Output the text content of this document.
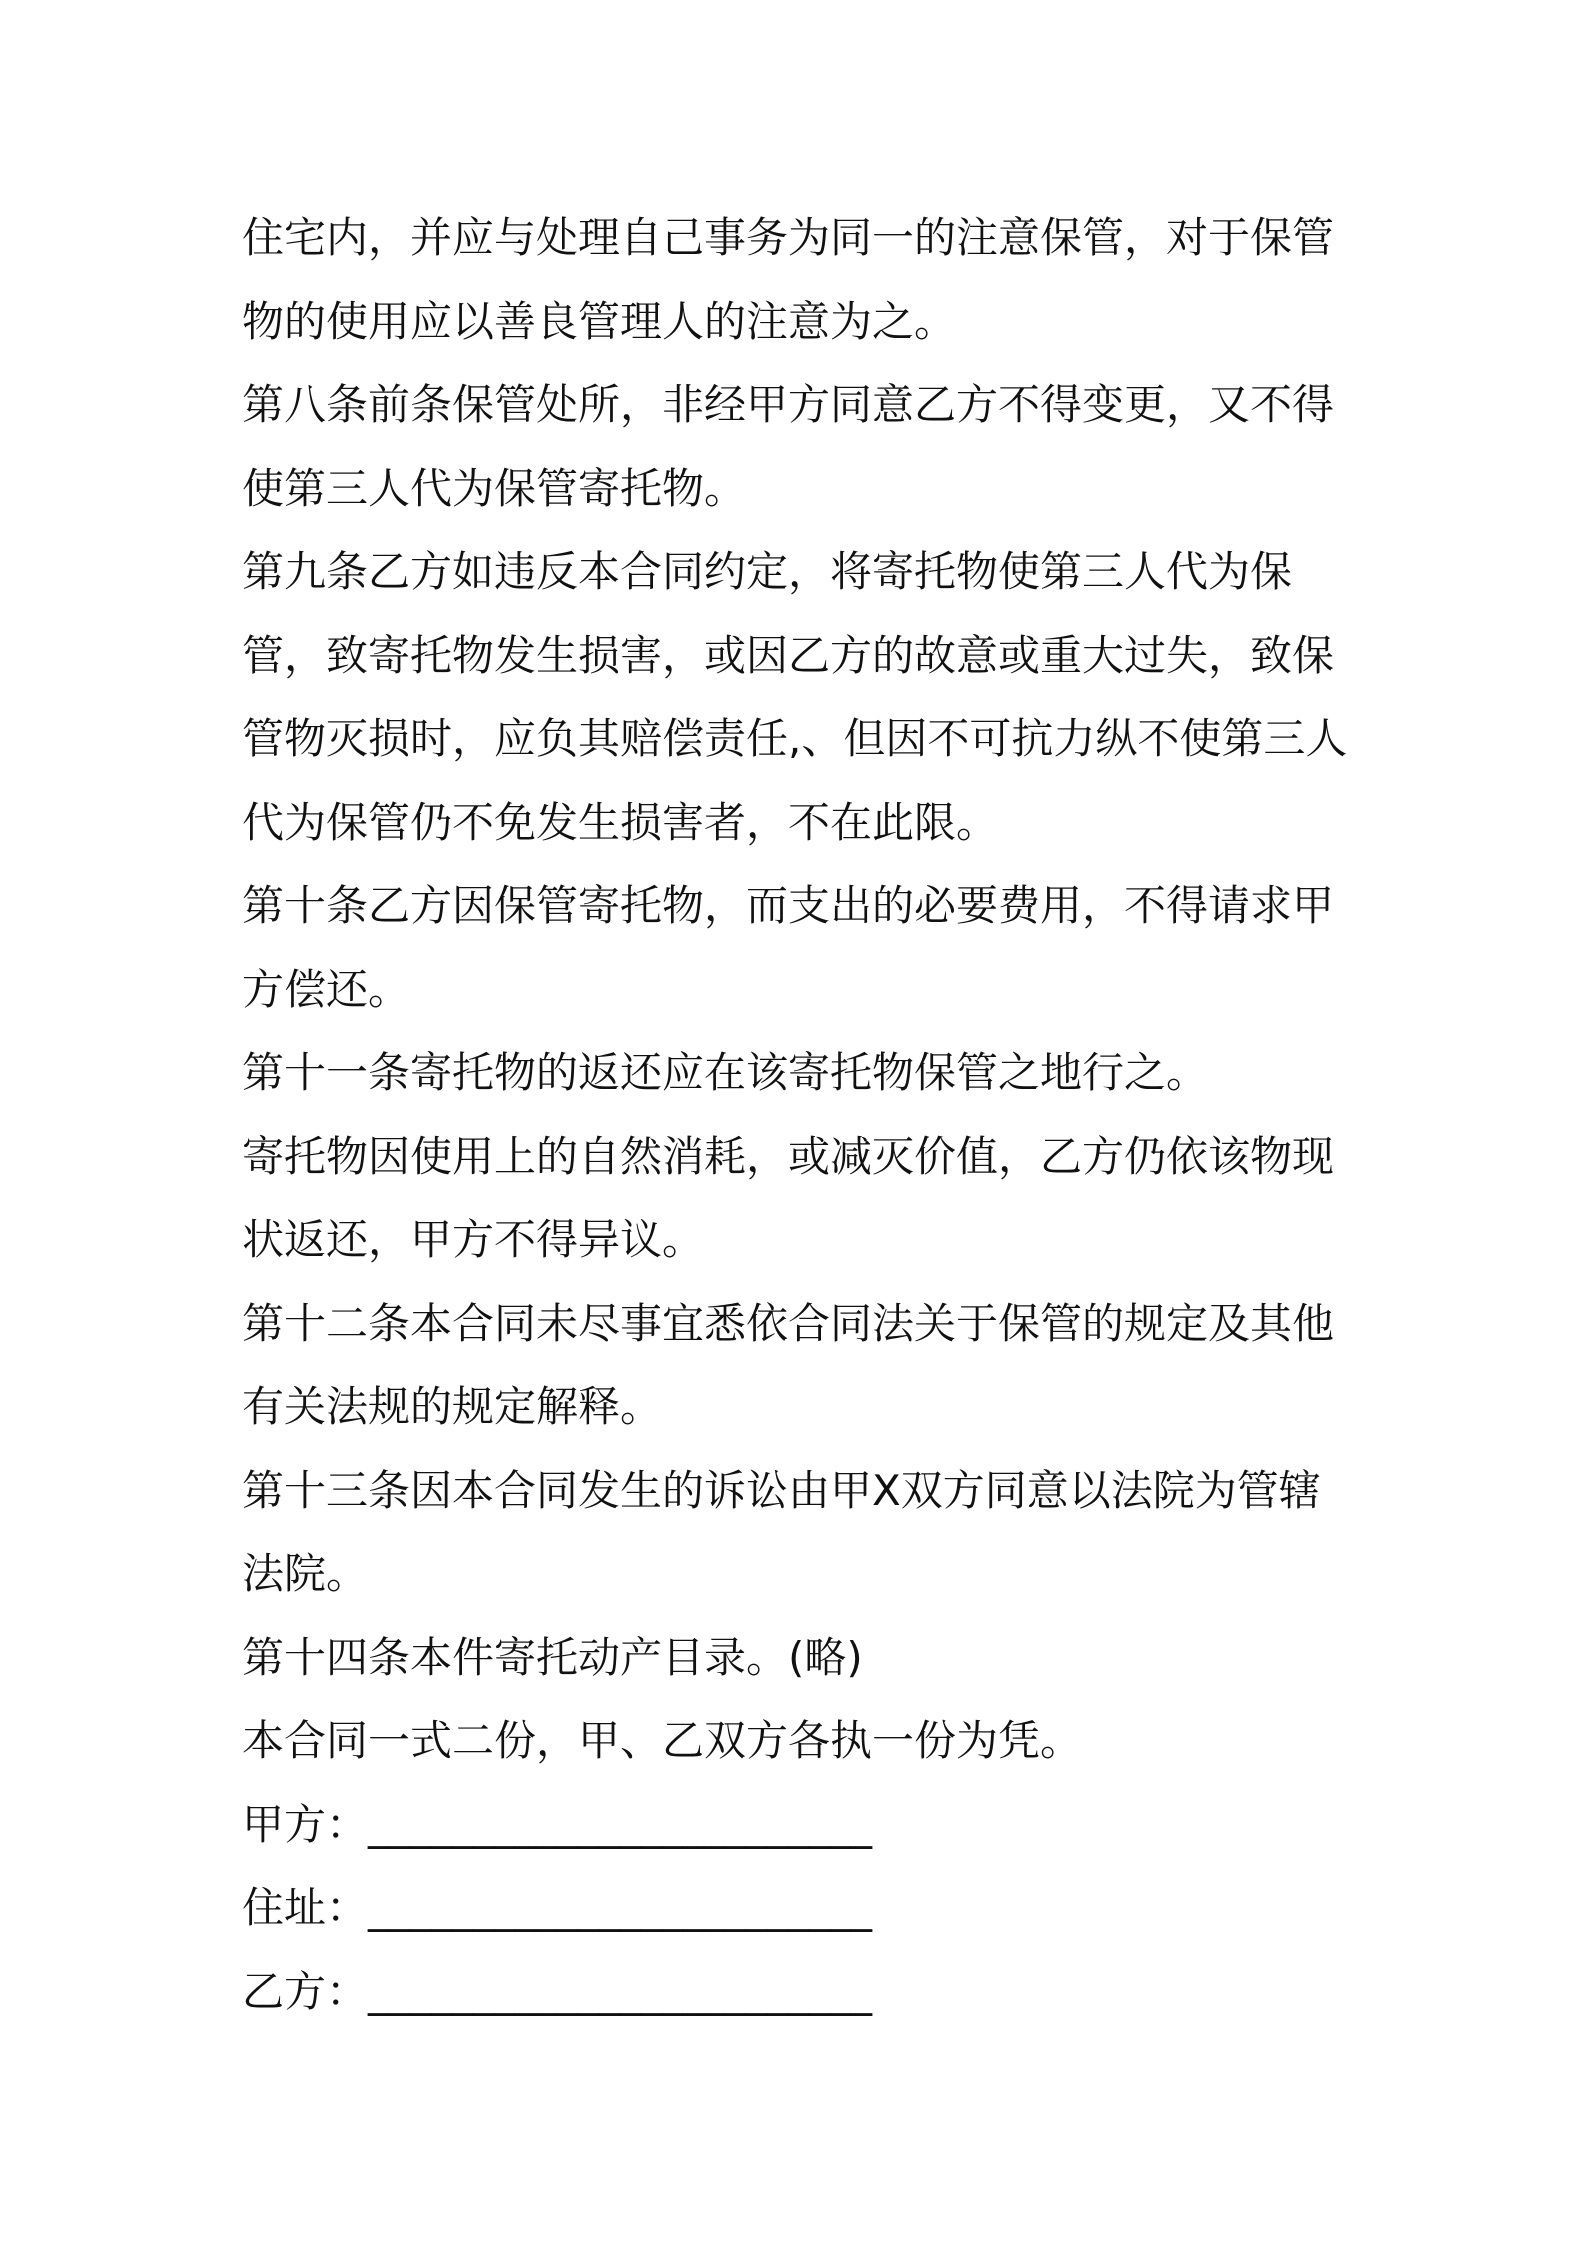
住宅内，并应与处理自己事务为同一的注意保管，对于保管物的使用应以善良管理人的注意为之。

第八条前条保管处所，非经甲方同意乙方不得变更，又不得使第三人代为保管寄托物。

第九条乙方如违反本合同约定，将寄托物使第三人代为保管，致寄托物发生损害，或因乙方的故意或重大过失，致保管物灭损时，应负其赔偿责任,、但因不可抗力纵不使第三人代为保管仍不免发生损害者，不在此限。

第十条乙方因保管寄托物，而支出的必要费用，不得请求甲方偿还。

第十一条寄托物的返还应在该寄托物保管之地行之。

寄托物因使用上的自然消耗，或减灭价值，乙方仍依该物现状返还，甲方不得异议。

第十二条本合同未尽事宜悉依合同法关于保管的规定及其他有关法规的规定解释。

第十三条因本合同发生的诉讼由甲X双方同意以法院为管辖法院。

第十四条本件寄托动产目录。(略)

本合同一式二份，甲、乙双方各执一份为凭。

甲方：________________________

住址：________________________

乙方：________________________
